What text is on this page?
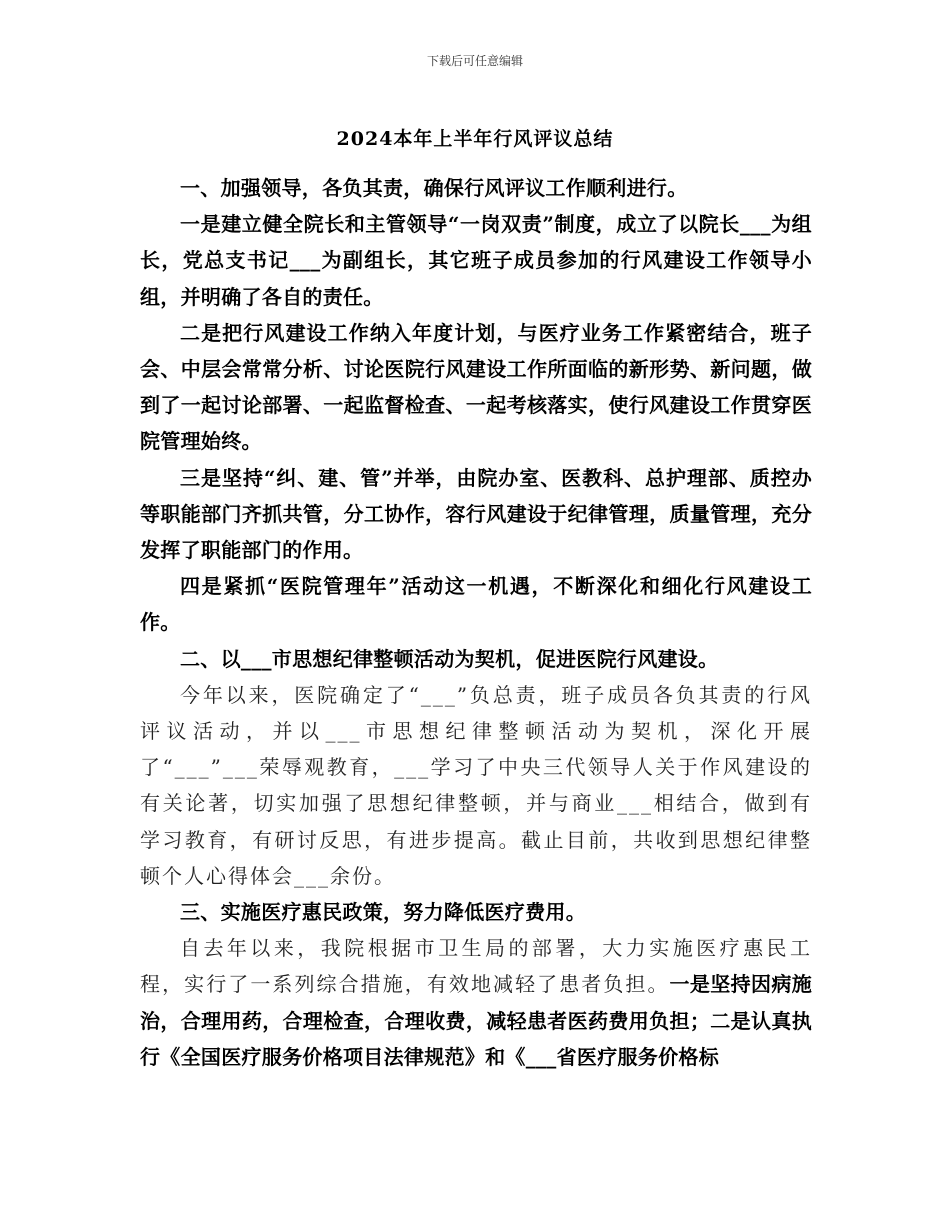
下载后可任意编辑
2024本年上半年行风评议总结

一、加强领导，各负其责，确保行风评议工作顺利进行。

一是建立健全院长和主管领导“一岗双责”制度，成立了以院长___为组长，党总支书记___为副组长，其它班子成员参加的行风建设工作领导小组，并明确了各自的责任。

二是把行风建设工作纳入年度计划，与医疗业务工作紧密结合，班子会、中层会常常分析、讨论医院行风建设工作所面临的新形势、新问题，做到了一起讨论部署、一起监督检查、一起考核落实，使行风建设工作贯穿医院管理始终。

三是坚持“纠、建、管”并举，由院办室、医教科、总护理部、质控办等职能部门齐抓共管，分工协作，容行风建设于纪律管理，质量管理，充分发挥了职能部门的作用。

四是紧抓“医院管理年”活动这一机遇，不断深化和细化行风建设工作。

二、以___市思想纪律整顿活动为契机，促进医院行风建设。

今年以来，医院确定了“___”负总责，班子成员各负其责的行风评议活动，并以___市思想纪律整顿活动为契机，深化开展了“___”___荣辱观教育，___学习了中央三代领导人关于作风建设的有关论著，切实加强了思想纪律整顿，并与商业___相结合，做到有学习教育，有研讨反思，有进步提高。截止目前，共收到思想纪律整顿个人心得体会___余份。

三、实施医疗惠民政策，努力降低医疗费用。

自去年以来，我院根据市卫生局的部署，大力实施医疗惠民工程，实行了一系列综合措施，有效地减轻了患者负担。一是坚持因病施治，合理用药，合理检查，合理收费，减轻患者医药费用负担；二是认真执行《全国医疗服务价格项目法律规范》和《___省医疗服务价格标
